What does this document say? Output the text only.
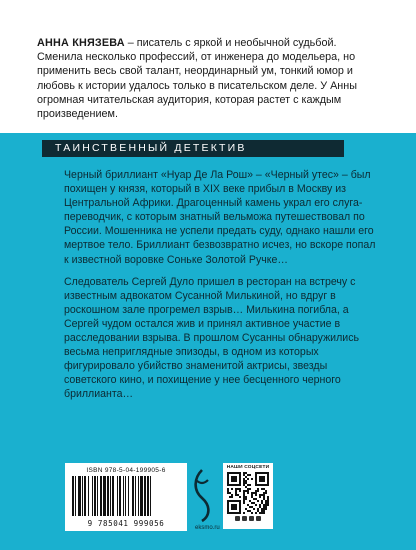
АННА КНЯЗЕВА – писатель с яркой и необычной судьбой. Сменила несколько профессий, от инженера до модельера, но применить весь свой талант, неординарный ум, тонкий юмор и любовь к истории удалось только в писательском деле. У Анны огромная читательская аудитория, которая растет с каждым произведением.
ТАИНСТВЕННЫЙ ДЕТЕКТИВ

Черный бриллиант «Нуар Де Ла Рош» – «Черный утес» – был похищен у князя, который в XIX веке прибыл в Москву из Центральной Африки. Драгоценный камень украл его слуга-переводчик, с которым знатный вельможа путешествовал по России. Мошенника не успели предать суду, однако нашли его мертвое тело. Бриллиант безвозвратно исчез, но вскоре попал к известной воровке Соньке Золотой Ручке…

Следователь Сергей Дуло пришел в ресторан на встречу с известным адвокатом Сусанной Милькиной, но вдруг в роскошном зале прогремел взрыв… Милькина погибла, а Сергей чудом остался жив и принял активное участие в расследовании взрыва. В прошлом Сусанны обнаружились весьма неприглядные эпизоды, в одном из которых фигурировало убийство знаменитой актрисы, звезды советского кино, и похищение у нее бесценного черного бриллианта…

ISBN 978-5-04-199905-6
9 785041 999056	eksmo.ru
НАШИ СОЦСЕТИ
